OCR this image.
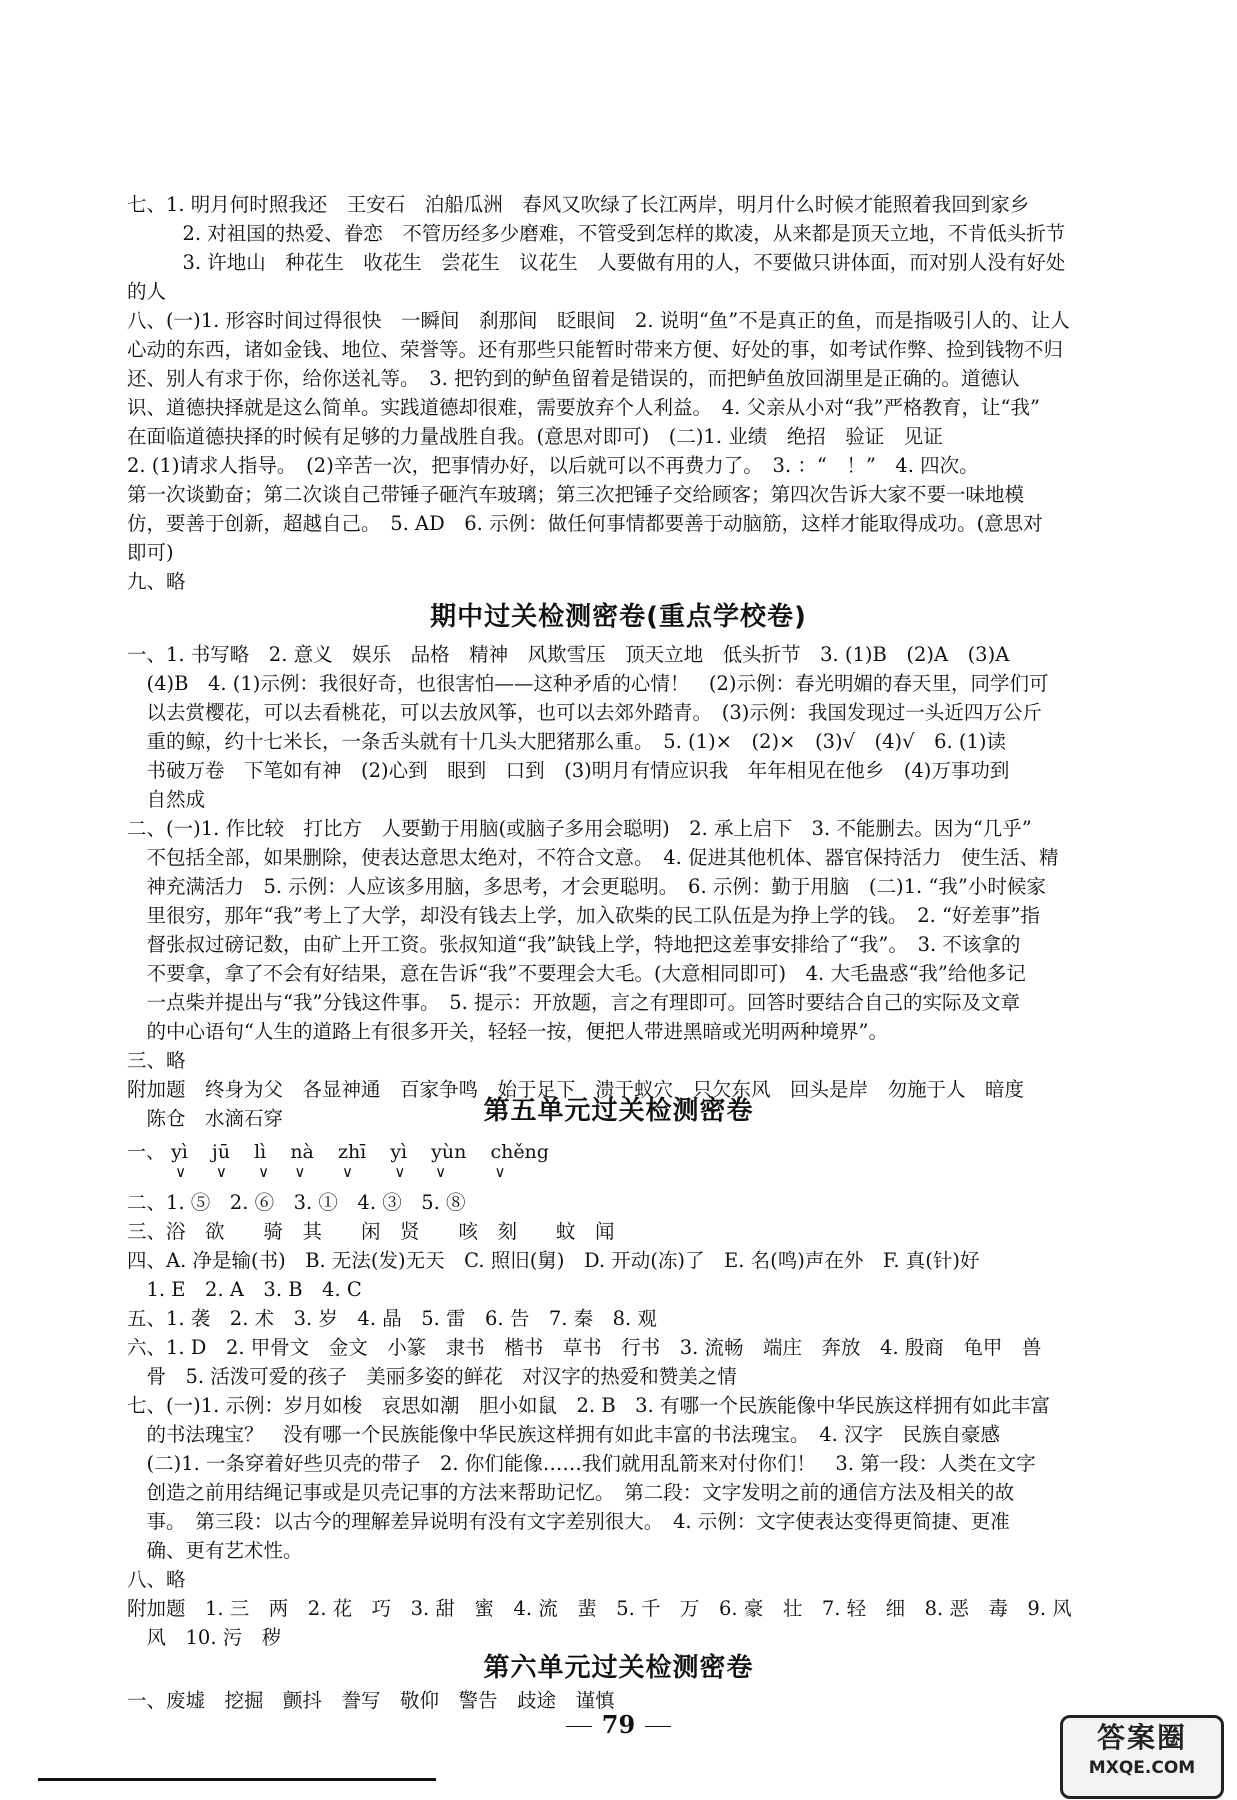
七、1. 明月何时照我还　王安石　泊船瓜洲　春风又吹绿了长江两岸，明月什么时候才能照着我回到家乡
　2. 对祖国的热爱、眷恋　不管历经多少磨难，不管受到怎样的欺凌，从来都是顶天立地，不肯低头折节
　3. 许地山　种花生　收花生　尝花生　议花生　人要做有用的人，不要做只讲体面，而对别人没有好处
的人
八、(一)1. 形容时间过得很快　一瞬间　刹那间　眨眼间　2. 说明“鱼”不是真正的鱼，而是指吸引人的、让人
心动的东西，诸如金钱、地位、荣誉等。还有那些只能暂时带来方便、好处的事，如考试作弊、捡到钱物不归
还、别人有求于你，给你送礼等。　3. 把钓到的鲈鱼留着是错误的，而把鲈鱼放回湖里是正确的。道德认
识、道德抉择就是这么简单。实践道德却很难，需要放弃个人利益。　4. 父亲从小对“我”严格教育，让“我”
在面临道德抉择的时候有足够的力量战胜自我。(意思对即可)　(二)1. 业绩　绝招　验证　见证
2. (1)请求人指导。　(2)辛苦一次，把事情办好，以后就可以不再费力了。　3. ：“　！”　4. 四次。
第一次谈勤奋；第二次谈自己带锤子砸汽车玻璃；第三次把锤子交给顾客；第四次告诉大家不要一味地模
仿，要善于创新，超越自己。　5. AD　6. 示例：做任何事情都要善于动脑筋，这样才能取得成功。(意思对
即可)
九、略
期中过关检测密卷(重点学校卷)
一、1. 书写略　2. 意义　娱乐　品格　精神　风欺雪压　顶天立地　低头折节　3. (1)B　(2)A　(3)A
　(4)B　4. (1)示例：我很好奇，也很害怕——这种矛盾的心情！　(2)示例：春光明媚的春天里，同学们可
　以去赏樱花，可以去看桃花，可以去放风筝，也可以去郊外踏青。　(3)示例：我国发现过一头近四万公斤
　重的鲸，约十七米长，一条舌头就有十几头大肥猪那么重。　5. (1)×　(2)×　(3)√　(4)√　6. (1)读
　书破万卷　下笔如有神　(2)心到　眼到　口到　(3)明月有情应识我　年年相见在他乡　(4)万事功到
　自然成
二、(一)1. 作比较　打比方　人要勤于用脑(或脑子多用会聪明)　2. 承上启下　3. 不能删去。因为“几乎”
　不包括全部，如果删除，使表达意思太绝对，不符合文意。　4. 促进其他机体、器官保持活力　使生活、精
　神充满活力　5. 示例：人应该多用脑，多思考，才会更聪明。　6. 示例：勤于用脑　(二)1. “我”小时候家
　里很穷，那年“我”考上了大学，却没有钱去上学，加入砍柴的民工队伍是为挣上学的钱。　2. “好差事”指
　督张叔过磅记数，由矿上开工资。张叔知道“我”缺钱上学，特地把这差事安排给了“我”。　3. 不该拿的
　不要拿，拿了不会有好结果，意在告诉“我”不要理会大毛。(大意相同即可)　4. 大毛蛊惑“我”给他多记
　一点柴并提出与“我”分钱这件事。　5. 提示：开放题，言之有理即可。回答时要结合自己的实际及文章
　的中心语句“人生的道路上有很多开关，轻轻一按，便把人带进黑暗或光明两种境界”。
三、略
附加题　终身为父　各显神通　百家争鸣　始于足下　溃于蚁穴　只欠东风　回头是岸　勿施于人　暗度
　陈仓　水滴石穿	第五单元过关检测密卷
一、 yì
∨
jū
∨
lì
∨
nà
∨
zhī
∨
yì
∨
yùn
∨
chěng
∨
二、1. ⑤　2. ⑥　3. ①　4. ③　5. ⑧
三、浴　欲　　骑　其　　闲　贤　　咳　刻　　蚊　闻
四、A. 净是输(书)　B. 无法(发)无天　C. 照旧(舅)　D. 开动(冻)了　E. 名(鸣)声在外　F. 真(针)好
　1. E　2. A　3. B　4. C
五、1. 袭　2. 术　3. 岁　4. 晶　5. 雷　6. 告　7. 秦　8. 观
六、1. D　2. 甲骨文　金文　小篆　隶书　楷书　草书　行书　3. 流畅　端庄　奔放　4. 殷商　龟甲　兽
　骨　5. 活泼可爱的孩子　美丽多姿的鲜花　对汉字的热爱和赞美之情
七、(一)1. 示例：岁月如梭　哀思如潮　胆小如鼠　2. B　3. 有哪一个民族能像中华民族这样拥有如此丰富
　的书法瑰宝？　没有哪一个民族能像中华民族这样拥有如此丰富的书法瑰宝。　4. 汉字　民族自豪感
　(二)1. 一条穿着好些贝壳的带子　2. 你们能像……我们就用乱箭来对付你们！　3. 第一段：人类在文字
　创造之前用结绳记事或是贝壳记事的方法来帮助记忆。　第二段：文字发明之前的通信方法及相关的故
　事。　第三段：以古今的理解差异说明有没有文字差别很大。　4. 示例：文字使表达变得更简捷、更准
　确、更有艺术性。
八、略
附加题　1. 三　两　2. 花　巧　3. 甜　蜜　4. 流　蜚　5. 千　万　6. 豪　壮　7. 轻　细　8. 恶　毒　9. 风
　风　10. 污　秽
第六单元过关检测密卷
一、废墟　挖掘　颤抖　誊写　敬仰　警告　歧途　谨慎
79	答案圈
MXQE.COM
